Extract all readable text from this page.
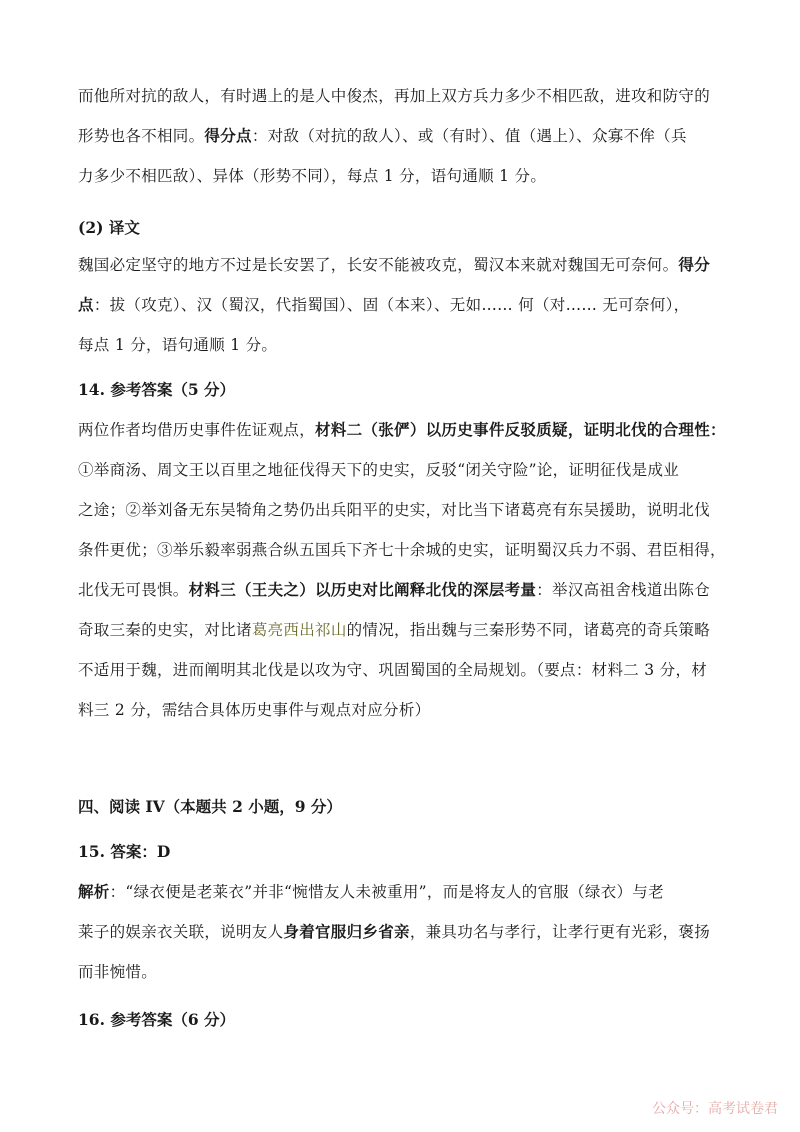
而他所对抗的敌人，有时遇上的是人中俊杰，再加上双方兵力多少不相匹敌，进攻和防守的
形势也各不相同。得分点：对敌（对抗的敌人）、或（有时）、值（遇上）、众寡不侔（兵
力多少不相匹敌）、异体（形势不同），每点 1 分，语句通顺 1 分。
(2) 译文
魏国必定坚守的地方不过是长安罢了，长安不能被攻克，蜀汉本来就对魏国无可奈何。得分
点：拔（攻克）、汉（蜀汉，代指蜀国）、固（本来）、无如…… 何（对…… 无可奈何），
每点 1 分，语句通顺 1 分。
14. 参考答案（5 分）
两位作者均借历史事件佐证观点，材料二（张俨）以历史事件反驳质疑，证明北伐的合理性：
①举商汤、周文王以百里之地征伐得天下的史实，反驳“闭关守险”论，证明征伐是成业
之途；②举刘备无东吴犄角之势仍出兵阳平的史实，对比当下诸葛亮有东吴援助，说明北伐
条件更优；③举乐毅率弱燕合纵五国兵下齐七十余城的史实，证明蜀汉兵力不弱、君臣相得，
北伐无可畏惧。材料三（王夫之）以历史对比阐释北伐的深层考量：举汉高祖舍栈道出陈仓
奇取三秦的史实，对比诸葛亮西出祁山的情况，指出魏与三秦形势不同，诸葛亮的奇兵策略
不适用于魏，进而阐明其北伐是以攻为守、巩固蜀国的全局规划。（要点：材料二 3 分，材
料三 2 分，需结合具体历史事件与观点对应分析）
四、阅读 IV（本题共 2 小题，9 分）
15. 答案：D
解析：“绿衣便是老莱衣”并非“惋惜友人未被重用”，而是将友人的官服（绿衣）与老
莱子的娱亲衣关联，说明友人身着官服归乡省亲，兼具功名与孝行，让孝行更有光彩，褒扬
而非惋惜。
16. 参考答案（6 分）
公众号：高考试卷君
